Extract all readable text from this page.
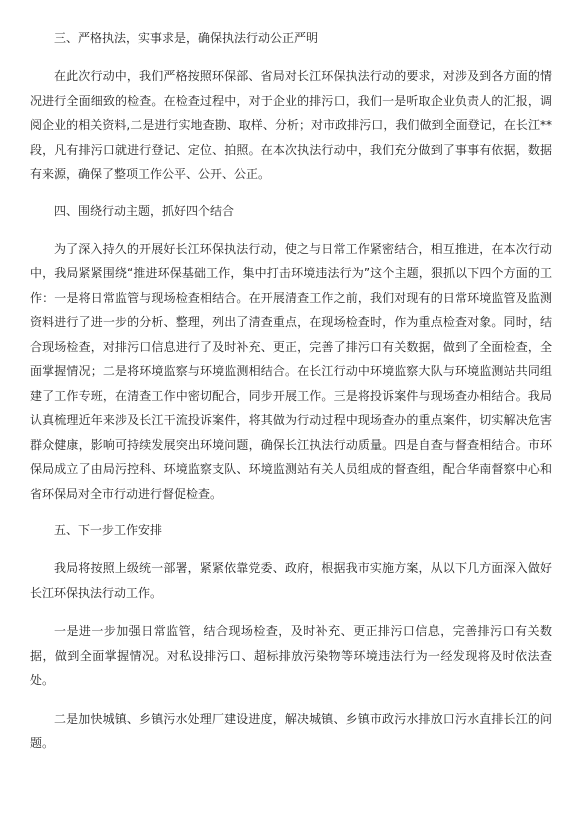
三、严格执法，实事求是，确保执法行动公正严明

在此次行动中，我们严格按照环保部、省局对长江环保执法行动的要求，对涉及到各方面的情况进行全面细致的检查。在检查过程中，对于企业的排污口，我们一是听取企业负责人的汇报，调阅企业的相关资料,二是进行实地查勘、取样、分析；对市政排污口，我们做到全面登记，在长江**段，凡有排污口就进行登记、定位、拍照。在本次执法行动中，我们充分做到了事事有依据，数据有来源，确保了整项工作公平、公开、公正。

四、围绕行动主题，抓好四个结合

为了深入持久的开展好长江环保执法行动，使之与日常工作紧密结合，相互推进，在本次行动中，我局紧紧围绕“推进环保基础工作，集中打击环境违法行为”这个主题，狠抓以下四个方面的工作：一是将日常监管与现场检查相结合。在开展清查工作之前，我们对现有的日常环境监管及监测资料进行了进一步的分析、整理，列出了清查重点，在现场检查时，作为重点检查对象。同时，结合现场检查，对排污口信息进行了及时补充、更正，完善了排污口有关数据，做到了全面检查，全面掌握情况；二是将环境监察与环境监测相结合。在长江行动中环境监察大队与环境监测站共同组建了工作专班，在清查工作中密切配合，同步开展工作。三是将投诉案件与现场查办相结合。我局认真梳理近年来涉及长江干流投诉案件，将其做为行动过程中现场查办的重点案件，切实解决危害群众健康，影响可持续发展突出环境问题，确保长江执法行动质量。四是自查与督查相结合。市环保局成立了由局污控科、环境监察支队、环境监测站有关人员组成的督查组，配合华南督察中心和省环保局对全市行动进行督促检查。

五、下一步工作安排

我局将按照上级统一部署，紧紧依靠党委、政府，根据我市实施方案，从以下几方面深入做好长江环保执法行动工作。

一是进一步加强日常监管，结合现场检查，及时补充、更正排污口信息，完善排污口有关数据，做到全面掌握情况。对私设排污口、超标排放污染物等环境违法行为一经发现将及时依法查处。

二是加快城镇、乡镇污水处理厂建设进度，解决城镇、乡镇市政污水排放口污水直排长江的问题。
